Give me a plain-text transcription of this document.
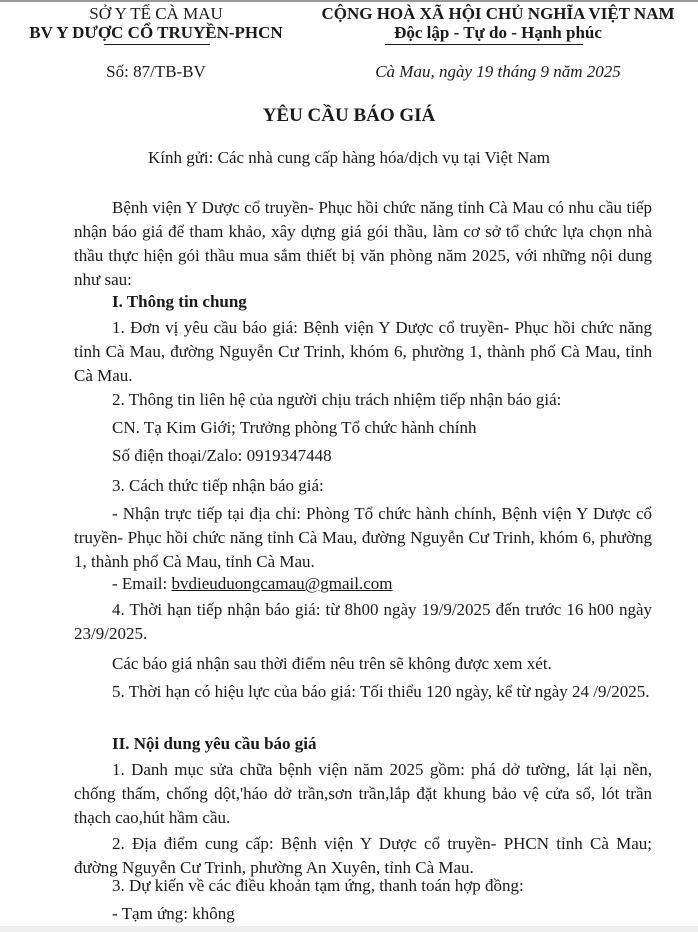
SỞ Y TẾ CÀ MAU
BV Y DƯỢC CỔ TRUYỀN-PHCN
CỘNG HOÀ XÃ HỘI CHỦ NGHĨA VIỆT NAM
Độc lập - Tự do - Hạnh phúc
Số: 87/TB-BV	Cà Mau, ngày 19 tháng 9 năm 2025
YÊU CẦU BÁO GIÁ
Kính gửi: Các nhà cung cấp hàng hóa/dịch vụ tại Việt Nam
Bệnh viện Y Dược cổ truyền- Phục hồi chức năng tỉnh Cà Mau có nhu cầu tiếp nhận báo giá để tham khảo, xây dựng giá gói thầu, làm cơ sở tổ chức lựa chọn nhà thầu thực hiện gói thầu mua sắm thiết bị văn phòng năm 2025, với những nội dung như sau:
I. Thông tin chung
1. Đơn vị yêu cầu báo giá: Bệnh viện Y Dược cổ truyền- Phục hồi chức năng tỉnh Cà Mau, đường Nguyễn Cư Trinh, khóm 6, phường 1, thành phố Cà Mau, tỉnh Cà Mau.
2. Thông tin liên hệ của người chịu trách nhiệm tiếp nhận báo giá:
CN. Tạ Kim Giới; Trưởng phòng Tổ chức hành chính
Số điện thoại/Zalo: 0919347448
3. Cách thức tiếp nhận báo giá:
- Nhận trực tiếp tại địa chỉ: Phòng Tổ chức hành chính, Bệnh viện Y Dược cổ truyền- Phục hồi chức năng tỉnh Cà Mau, đường Nguyễn Cư Trinh, khóm 6, phường 1, thành phố Cà Mau, tỉnh Cà Mau.
- Email: bvdieuduongcamau@gmail.com
4. Thời hạn tiếp nhận báo giá: từ 8h00 ngày 19/9/2025 đến trước 16 h00 ngày 23/9/2025.
Các báo giá nhận sau thời điểm nêu trên sẽ không được xem xét.
5. Thời hạn có hiệu lực của báo giá: Tối thiểu 120 ngày, kể từ ngày 24 /9/2025.
II. Nội dung yêu cầu báo giá
1. Danh mục sửa chữa bệnh viện năm 2025 gồm: phá dở tường, lát lại nền, chống thấm, chống dột,'háo dở trần,sơn trần,lắp đặt khung bảo vệ cửa sổ, lót trần thạch cao,hút hầm cầu.
2. Địa điểm cung cấp: Bệnh viện Y Dược cổ truyền- PHCN tỉnh Cà Mau; đường Nguyễn Cư Trinh, phường An Xuyên, tỉnh Cà Mau.
3. Dự kiến về các điều khoản tạm ứng, thanh toán hợp đồng:
- Tạm ứng: không
